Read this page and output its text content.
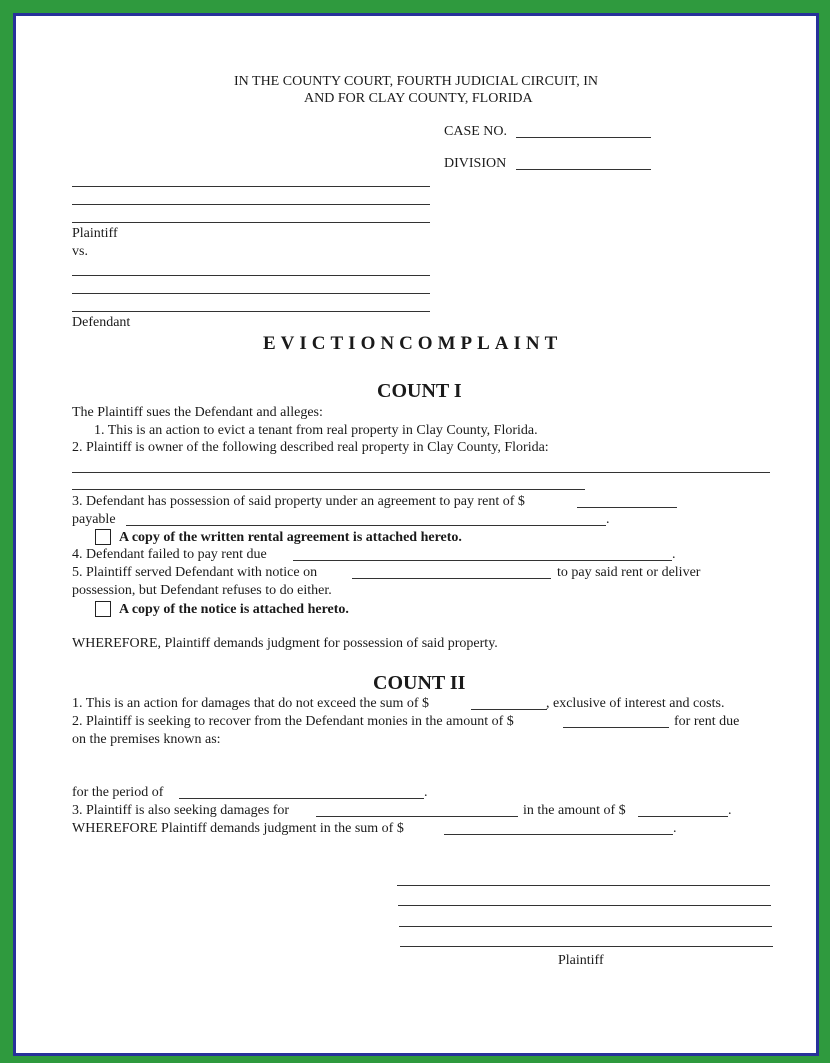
IN THE COUNTY COURT, FOURTH JUDICIAL CIRCUIT, IN
AND FOR CLAY COUNTY, FLORIDA
CASE NO.
DIVISION
Plaintiff
vs.
Defendant
EVICTIONCOMPLAINT
COUNT I
The Plaintiff sues the Defendant and alleges:
1. This is an action to evict a tenant from real property in Clay County, Florida.
2. Plaintiff is owner of the following described real property in Clay County, Florida:
3. Defendant has possession of said property under an agreement to pay rent of $
payable	.
A copy of the written rental agreement is attached hereto.
4. Defendant failed to pay rent due	.
5. Plaintiff served Defendant with notice on	to pay said rent or deliver
possession, but Defendant refuses to do either.
A copy of the notice is attached hereto.
WHEREFORE, Plaintiff demands judgment for possession of said property.
COUNT II
1. This is an action for damages that do not exceed the sum of $	, exclusive of interest and costs.
2. Plaintiff is seeking to recover from the Defendant monies in the amount of $	for rent due
on the premises known as:
for the period of	.
3. Plaintiff is also seeking damages for	in the amount of $	.
WHEREFORE Plaintiff demands judgment in the sum of $	.
Plaintiff
